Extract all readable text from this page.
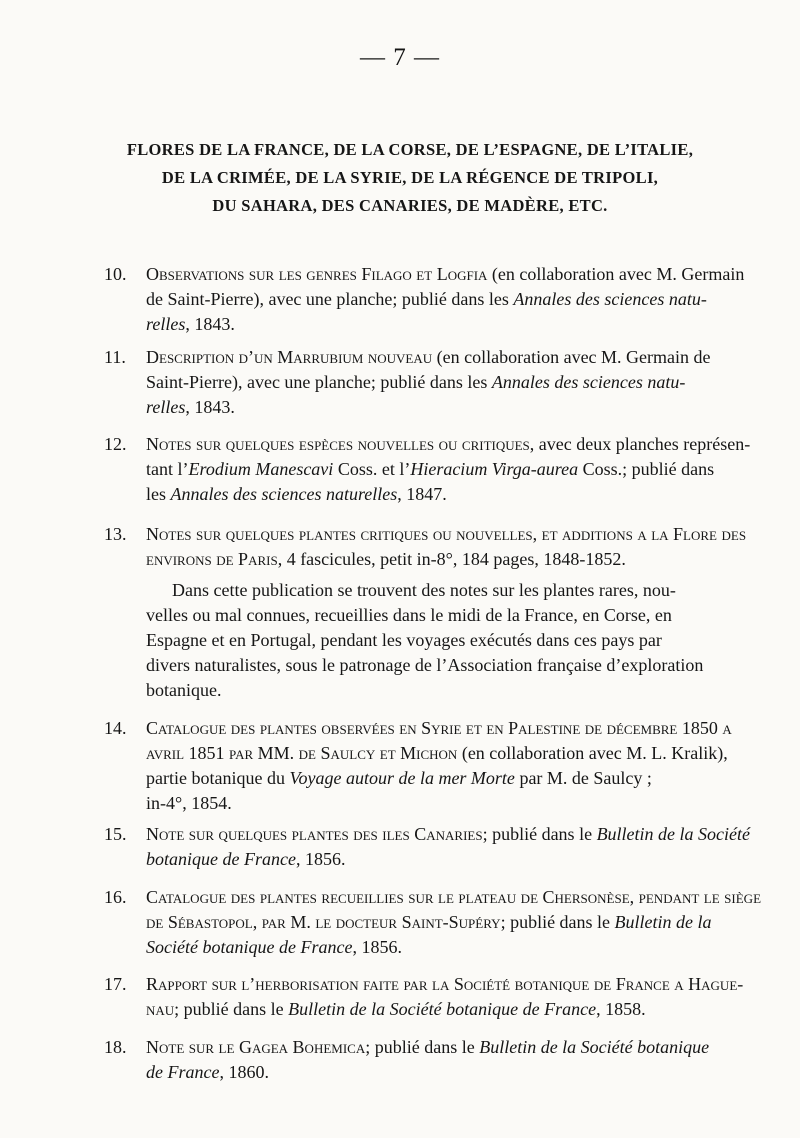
— 7 —
FLORES DE LA FRANCE, DE LA CORSE, DE L’ESPAGNE, DE L’ITALIE,
DE LA CRIMÉE, DE LA SYRIE, DE LA RÉGENCE DE TRIPOLI,
DU SAHARA, DES CANARIES, DE MADÈRE, ETC.
10. Observations sur les genres Filago et Logfia (en collaboration avec M. Germain
de Saint-Pierre), avec une planche; publié dans les Annales des sciences natu-
relles, 1843.
11. Description d’un Marrubium nouveau (en collaboration avec M. Germain de
Saint-Pierre), avec une planche; publié dans les Annales des sciences natu-
relles, 1843.
12. Notes sur quelques espèces nouvelles ou critiques, avec deux planches représen-
tant l’Erodium Manescavi Coss. et l’Hieracium Virga-aurea Coss.; publié dans
les Annales des sciences naturelles, 1847.
13. Notes sur quelques plantes critiques ou nouvelles, et additions a la Flore des
environs de Paris, 4 fascicules, petit in-8°, 184 pages, 1848-1852.
Dans cette publication se trouvent des notes sur les plantes rares, nou-
velles ou mal connues, recueillies dans le midi de la France, en Corse, en
Espagne et en Portugal, pendant les voyages exécutés dans ces pays par
divers naturalistes, sous le patronage de l’Association française d’exploration
botanique.
14. Catalogue des plantes observées en Syrie et en Palestine de décembre 1850 a
avril 1851 par MM. de Saulcy et Michon (en collaboration avec M. L. Kralik),
partie botanique du Voyage autour de la mer Morte par M. de Saulcy ;
in-4°, 1854.
15. Note sur quelques plantes des iles Canaries; publié dans le Bulletin de la Société
botanique de France, 1856.
16. Catalogue des plantes recueillies sur le plateau de Chersonèse, pendant le siège
de Sébastopol, par M. le docteur Saint-Supéry; publié dans le Bulletin de la
Société botanique de France, 1856.
17. Rapport sur l’herborisation faite par la Société botanique de France a Hague-
nau; publié dans le Bulletin de la Société botanique de France, 1858.
18. Note sur le Gagea Bohemica; publié dans le Bulletin de la Société botanique
de France, 1860.
